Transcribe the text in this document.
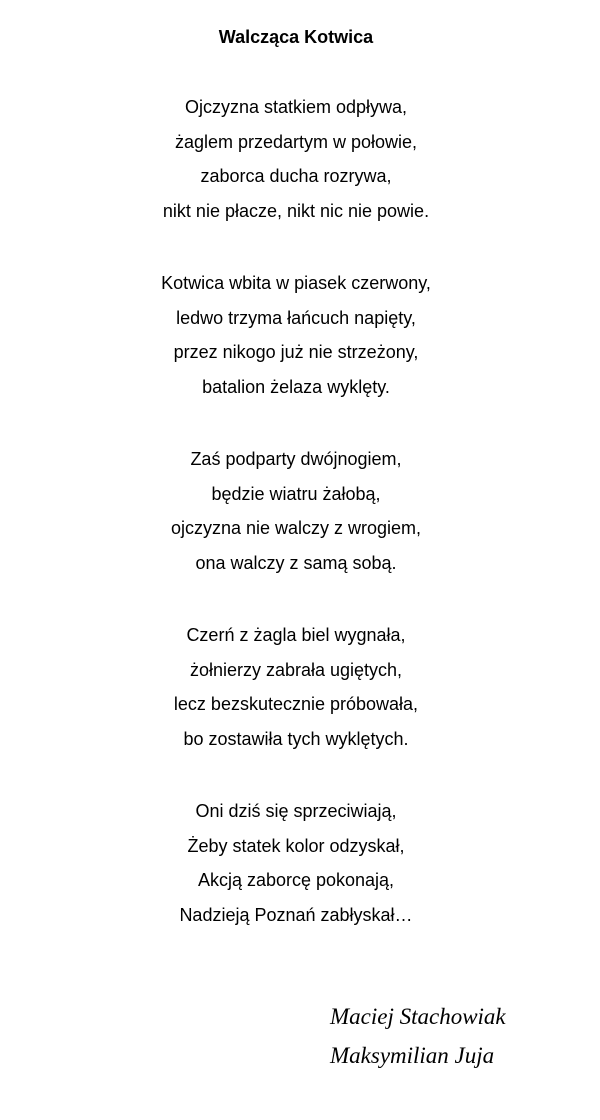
Walcząca Kotwica
Ojczyzna statkiem odpływa,
żaglem przedartym w połowie,
zaborca ducha rozrywa,
nikt nie płacze, nikt nic nie powie.
Kotwica wbita w piasek czerwony,
ledwo trzyma łańcuch napięty,
przez nikogo już nie strzeżony,
batalion żelaza wyklęty.
Zaś podparty dwójnogiem,
będzie wiatru żałobą,
ojczyzna nie walczy z wrogiem,
ona walczy z samą sobą.
Czerń z żagla biel wygnała,
żołnierzy zabrała ugiętych,
lecz bezskutecznie próbowała,
bo zostawiła tych wyklętych.
Oni dziś się sprzeciwiają,
Żeby statek kolor odzyskał,
Akcją zaborcę pokonają,
Nadzieją Poznań zabłyskał…
Maciej Stachowiak
Maksymilian Juja
